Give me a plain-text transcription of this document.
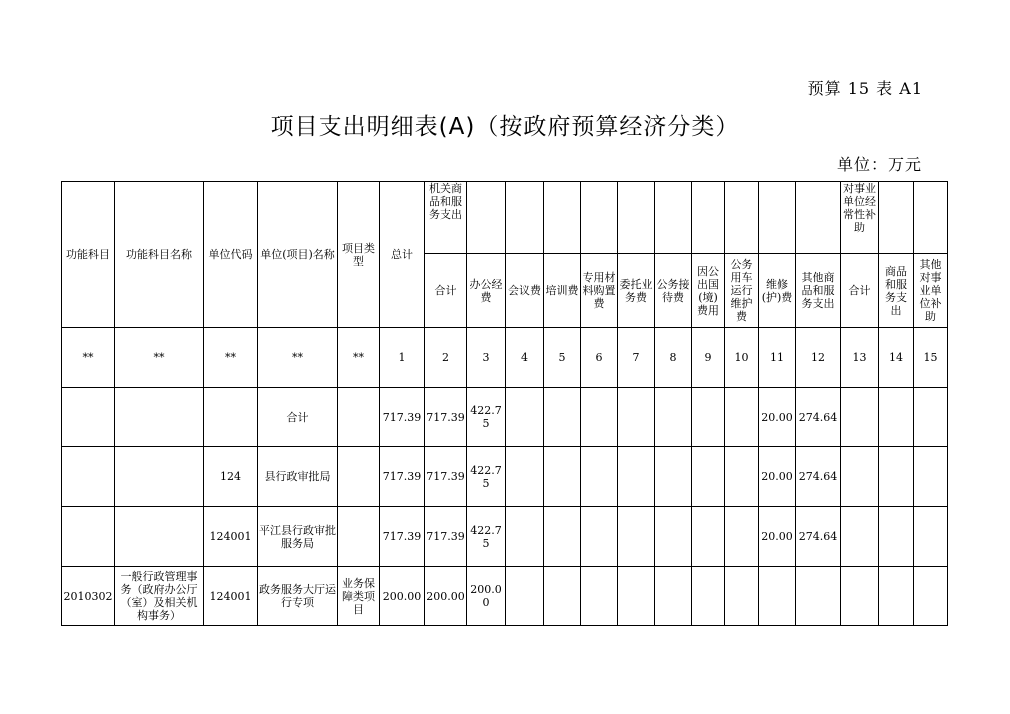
预算 15 表 A1
项目支出明细表(A)（按政府预算经济分类）
单位：万元
功能科目	功能科目名称	单位代码	单位(项目)名称	项目类型	总计	机关商品和服务支出											对事业单位经常性补助		
						合计	办公经费	会议费	培训费	专用材料购置费	委托业务费	公务接待费	因公出国(境)费用	公务用车运行维护费	维修(护)费	其他商品和服务支出	合计	商品和服务支出	其他对事业单位补助
**	**	**	**	**	1	2	3	4	5	6	7	8	9	10	11	12	13	14	15
			合计		717.39	717.39	422.75								20.00	274.64			
		124	县行政审批局		717.39	717.39	422.75								20.00	274.64			
		124001	平江县行政审批服务局		717.39	717.39	422.75								20.00	274.64			
2010302	一般行政管理事务（政府办公厅（室）及相关机构事务）	124001	政务服务大厅运行专项	业务保障类项目	200.00	200.00	200.00												
